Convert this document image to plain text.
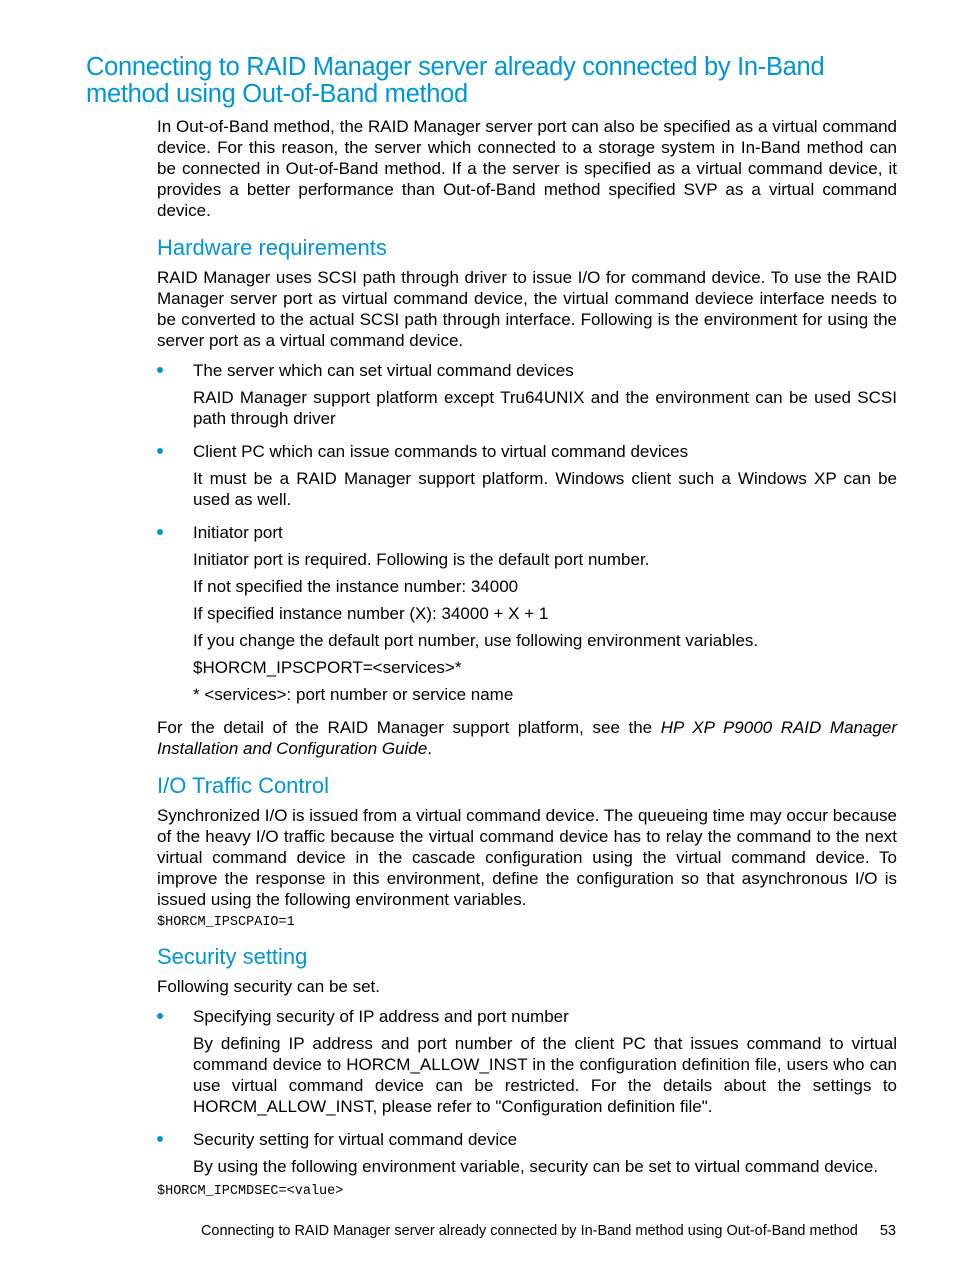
Connecting to RAID Manager server already connected by In-Band method using Out-of-Band method

In Out-of-Band method, the RAID Manager server port can also be specified as a virtual command device. For this reason, the server which connected to a storage system in In-Band method can be connected in Out-of-Band method. If a the server is specified as a virtual command device, it provides a better performance than Out-of-Band method specified SVP as a virtual command device.

Hardware requirements

RAID Manager uses SCSI path through driver to issue I/O for command device. To use the RAID Manager server port as virtual command device, the virtual command deviece interface needs to be converted to the actual SCSI path through interface. Following is the environment for using the server port as a virtual command device.

The server which can set virtual command devices

RAID Manager support platform except Tru64UNIX and the environment can be used SCSI path through driver

Client PC which can issue commands to virtual command devices

It must be a RAID Manager support platform. Windows client such a Windows XP can be used as well.

Initiator port

Initiator port is required. Following is the default port number.

If not specified the instance number: 34000

If specified instance number (X): 34000 + X + 1

If you change the default port number, use following environment variables.

$HORCM_IPSCPORT=<services>*

* <services>: port number or service name

For the detail of the RAID Manager support platform, see the HP XP P9000 RAID Manager Installation and Configuration Guide.

I/O Traffic Control

Synchronized I/O is issued from a virtual command device. The queueing time may occur because of the heavy I/O traffic because the virtual command device has to relay the command to the next virtual command device in the cascade configuration using the virtual command device. To improve the response in this environment, define the configuration so that asynchronous I/O is issued using the following environment variables.

$HORCM_IPSCPAIO=1
Security setting

Following security can be set.

Specifying security of IP address and port number

By defining IP address and port number of the client PC that issues command to virtual command device to HORCM_ALLOW_INST in the configuration definition file, users who can use virtual command device can be restricted. For the details about the settings to HORCM_ALLOW_INST, please refer to "Configuration definition file".

Security setting for virtual command device

By using the following environment variable, security can be set to virtual command device.

$HORCM_IPCMDSEC=<value>
Connecting to RAID Manager server already connected by In-Band method using Out-of-Band method 53
